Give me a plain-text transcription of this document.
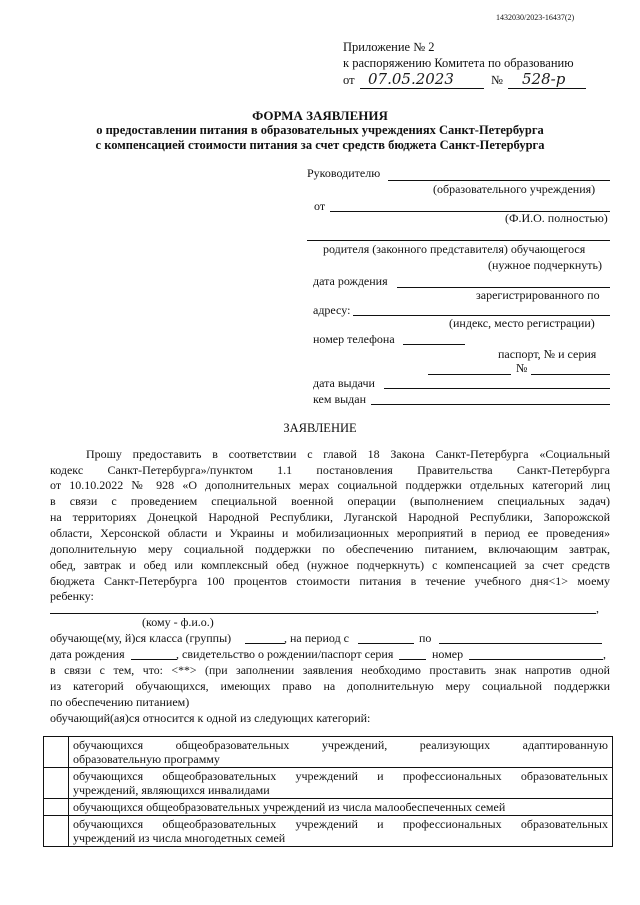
1432030/2023-16437(2)
Приложение № 2
к распоряжению Комитета по образованию
от 07.05.2023	№ 528-р
ФОРМА ЗАЯВЛЕНИЯ
о предоставлении питания в образовательных учреждениях Санкт-Петербурга
с компенсацией стоимости питания за счет средств бюджета Санкт-Петербурга
Руководителю
(образовательного учреждения)
от
(Ф.И.О. полностью)
родителя (законного представителя) обучающегося
(нужное подчеркнуть)
дата рождения
зарегистрированного по
адресу:
(индекс, место регистрации)
номер телефона
паспорт, № и серия
№
дата выдачи
кем выдан
ЗАЯВЛЕНИЕ
Прошу предоставить в соответствии с главой 18 Закона Санкт-Петербурга «Социальный
кодекс Санкт-Петербурга»/пунктом 1.1 постановления Правительства Санкт-Петербурга
от 10.10.2022 № 928 «О дополнительных мерах социальной поддержки отдельных категорий лиц
в связи с проведением специальной военной операции (выполнением специальных задач)
на территориях Донецкой Народной Республики, Луганской Народной Республики, Запорожской
области, Херсонской области и Украины и мобилизационных мероприятий в период ее проведения»
дополнительную меру социальной поддержки по обеспечению питанием, включающим завтрак,
обед, завтрак и обед или комплексный обед (нужное подчеркнуть) с компенсацией за счет средств
бюджета Санкт-Петербурга 100 процентов стоимости питания в течение учебного дня<1> моему
ребенку:
,
(кому - ф.и.о.)
обучающе(му, й)ся класса (группы)	, на период с	по
дата рождения	, свидетельство о рождении/паспорт серия	номер	,
в связи с тем, что: <**> (при заполнении заявления необходимо проставить знак напротив одной
из категорий обучающихся, имеющих право на дополнительную меру социальной поддержки
по обеспечению питанием)
обучающий(ая)ся относится к одной из следующих категорий:

	обучающихся общеобразовательных учреждений, реализующих адаптированную
образовательную программу

	обучающихся общеобразовательных учреждений и профессиональных образовательных
учреждений, являющихся инвалидами
	обучающихся общеобразовательных учреждений из числа малообеспеченных семей

	обучающихся общеобразовательных учреждений и профессиональных образовательных
учреждений из числа многодетных семей
